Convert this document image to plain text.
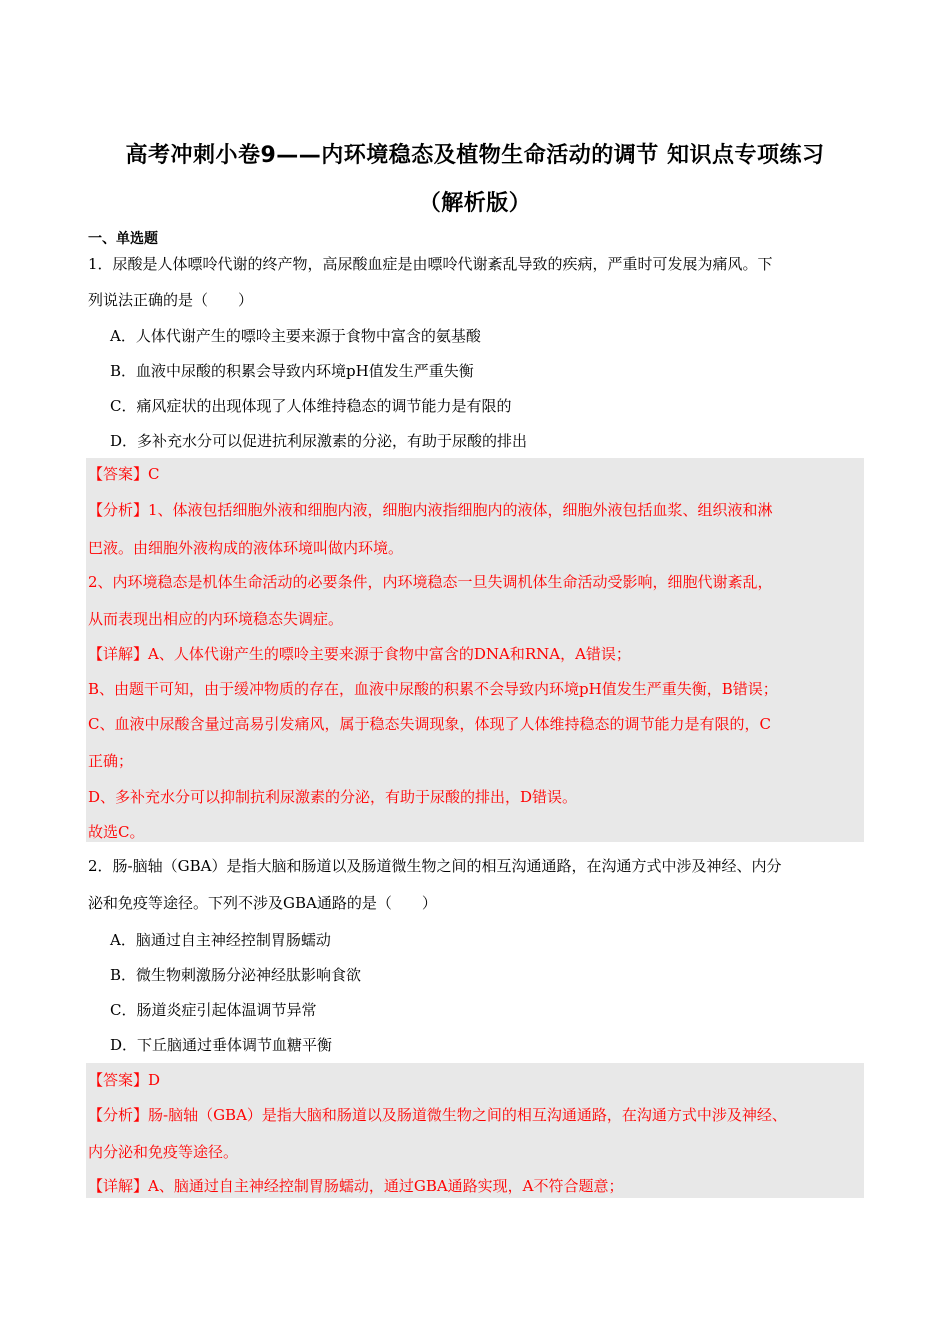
高考冲刺小卷9——内环境稳态及植物生命活动的调节 知识点专项练习
（解析版）
一、单选题
1．尿酸是人体嘌呤代谢的终产物，高尿酸血症是由嘌呤代谢紊乱导致的疾病，严重时可发展为痛风。下
列说法正确的是（　　）
A．人体代谢产生的嘌呤主要来源于食物中富含的氨基酸
B．血液中尿酸的积累会导致内环境pH值发生严重失衡
C．痛风症状的出现体现了人体维持稳态的调节能力是有限的
D．多补充水分可以促进抗利尿激素的分泌，有助于尿酸的排出
【答案】C
【分析】1、体液包括细胞外液和细胞内液，细胞内液指细胞内的液体，细胞外液包括血浆、组织液和淋
巴液。由细胞外液构成的液体环境叫做内环境。
2、内环境稳态是机体生命活动的必要条件，内环境稳态一旦失调机体生命活动受影响，细胞代谢紊乱，
从而表现出相应的内环境稳态失调症。
【详解】A、人体代谢产生的嘌呤主要来源于食物中富含的DNA和RNA，A错误；
B、由题干可知，由于缓冲物质的存在，血液中尿酸的积累不会导致内环境pH值发生严重失衡，B错误；
C、血液中尿酸含量过高易引发痛风，属于稳态失调现象，体现了人体维持稳态的调节能力是有限的，C
正确；
D、多补充水分可以抑制抗利尿激素的分泌，有助于尿酸的排出，D错误。
故选C。
2．肠-脑轴（GBA）是指大脑和肠道以及肠道微生物之间的相互沟通通路，在沟通方式中涉及神经、内分
泌和免疫等途径。下列不涉及GBA通路的是（　　）
A．脑通过自主神经控制胃肠蠕动
B．微生物刺激肠分泌神经肽影响食欲
C．肠道炎症引起体温调节异常
D．下丘脑通过垂体调节血糖平衡
【答案】D
【分析】肠-脑轴（GBA）是指大脑和肠道以及肠道微生物之间的相互沟通通路，在沟通方式中涉及神经、
内分泌和免疫等途径。
【详解】A、脑通过自主神经控制胃肠蠕动，通过GBA通路实现，A不符合题意；
